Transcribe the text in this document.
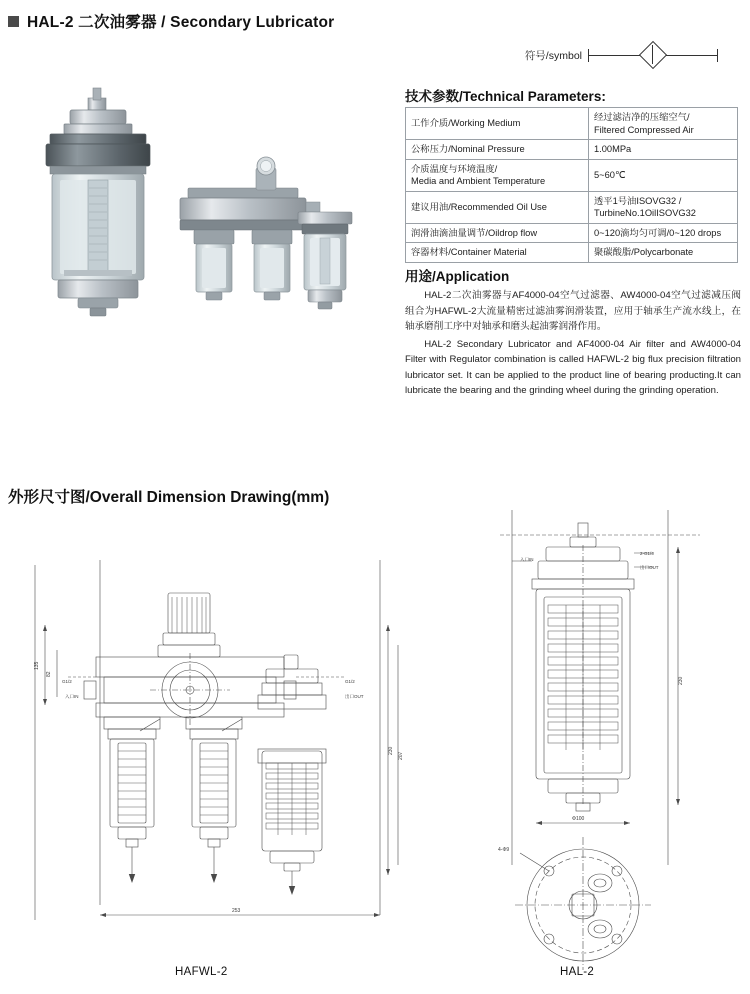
HAL-2 二次油雾器 / Secondary Lubricator
符号/symbol
技术参数/Technical Parameters:
工作介质/Working Medium	经过滤洁净的压缩空气/
Filtered Compressed Air

公称压力/Nominal Pressure	1.00MPa

介质温度与环境温度/
Media and Ambient Temperature	5~60℃
建议用油/Recommended Oil Use	透平1号油ISOVG32 /
TurbineNo.1OilISOVG32

润滑油滴油量调节/Oildrop flow	0~120滴均匀可调/0~120 drops
容器材料/Container Material	聚碳酸脂/Polycarbonate
用途/Application

HAL-2二次油雾器与AF4000-04空气过滤器、AW4000-04空气过滤减压阀组合为HAFWL-2大流量精密过滤油雾润滑装置，应用于轴承生产流水线上，在轴承磨削工序中对轴承和磨头起油雾润滑作用。

HAL-2 Secondary Lubricator and AF4000-04 Air filter and AW4000-04 Filter with Regulator combination is called HAFWL-2 big flux precision filtration lubricator set. It can be applied to the product line of bearing producting.It can lubricate the bearing and the grinding wheel during the grinding operation.

外形尺寸图/Overall Dimension Drawing(mm)
253
230
207
135
82
G1/2
入口IN
G1/2
出口OUT
入口IN
2-G1/4
出口OUT
230
Φ100
4-Φ9
HAFWL-2	HAL-2
